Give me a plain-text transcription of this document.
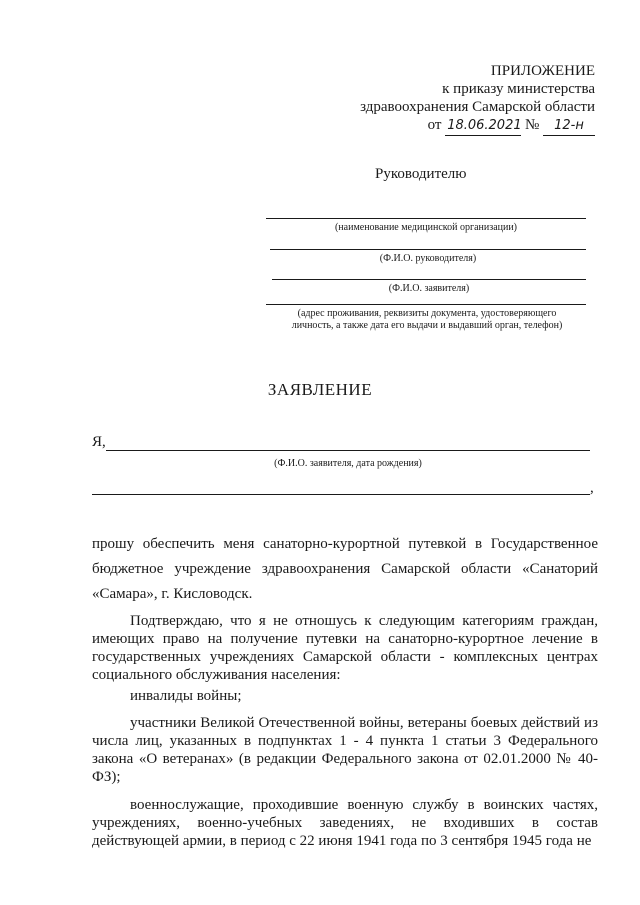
ПРИЛОЖЕНИЕ
к приказу министерства
здравоохранения Самарской области
от 18.06.2021 № 12-н
Руководителю
(наименование медицинской организации)
(Ф.И.О. руководителя)
(Ф.И.О. заявителя)
(адрес проживания, реквизиты документа, удостоверяющего личность, а также дата его выдачи и выдавший орган, телефон)
ЗАЯВЛЕНИЕ
Я,
(Ф.И.О. заявителя, дата рождения)
,
прошу обеспечить меня санаторно-курортной путевкой в Государственное бюджетное учреждение здравоохранения Самарской области «Санаторий «Самара», г. Кисловодск.
Подтверждаю, что я не отношусь к следующим категориям граждан, имеющих право на получение путевки на санаторно-курортное лечение в государственных учреждениях Самарской области - комплексных центрах социального обслуживания населения:
инвалиды войны;
участники Великой Отечественной войны, ветераны боевых действий из числа лиц, указанных в подпунктах 1 - 4 пункта 1 статьи 3 Федерального закона «О ветеранах» (в редакции Федерального закона от 02.01.2000 № 40-ФЗ);
военнослужащие, проходившие военную службу в воинских частях, учреждениях, военно-учебных заведениях, не входивших в состав действующей армии, в период с 22 июня 1941 года по 3 сентября 1945 года не
